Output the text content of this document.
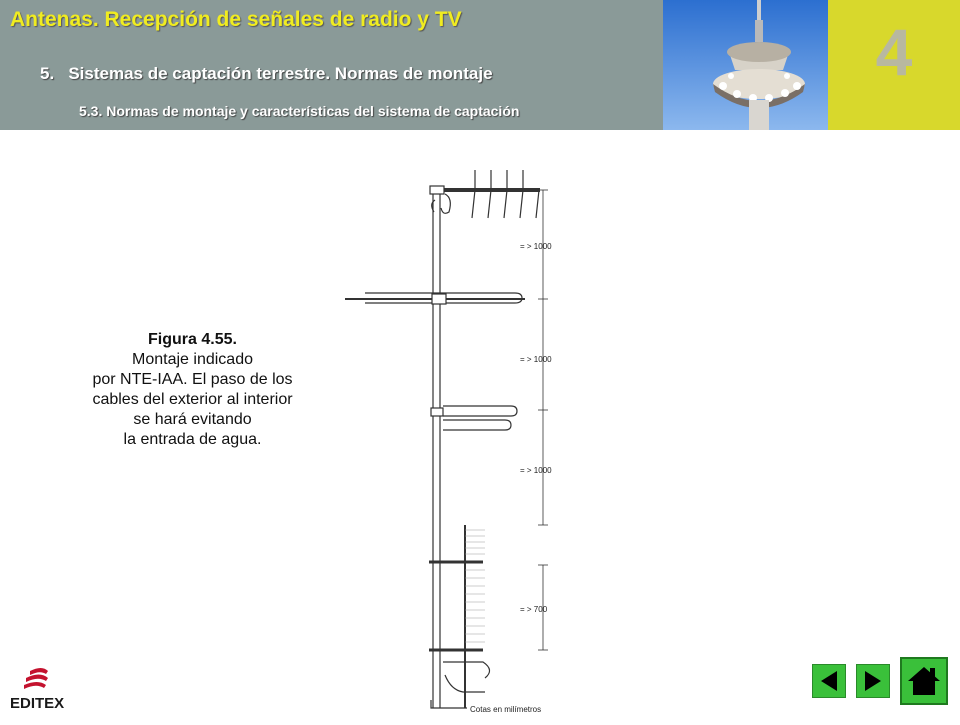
Antenas. Recepción de señales de radio y TV
5.   Sistemas de captación terrestre. Normas de montaje
5.3. Normas de montaje y características del sistema de captación
4
Figura 4.55.
Montaje indicado
por NTE-IAA. El paso de los
cables del exterior al interior
se hará evitando
la entrada de agua.
= > 1000
= > 1000
= > 1000
= > 700
Cotas en milímetros
EDITEX
